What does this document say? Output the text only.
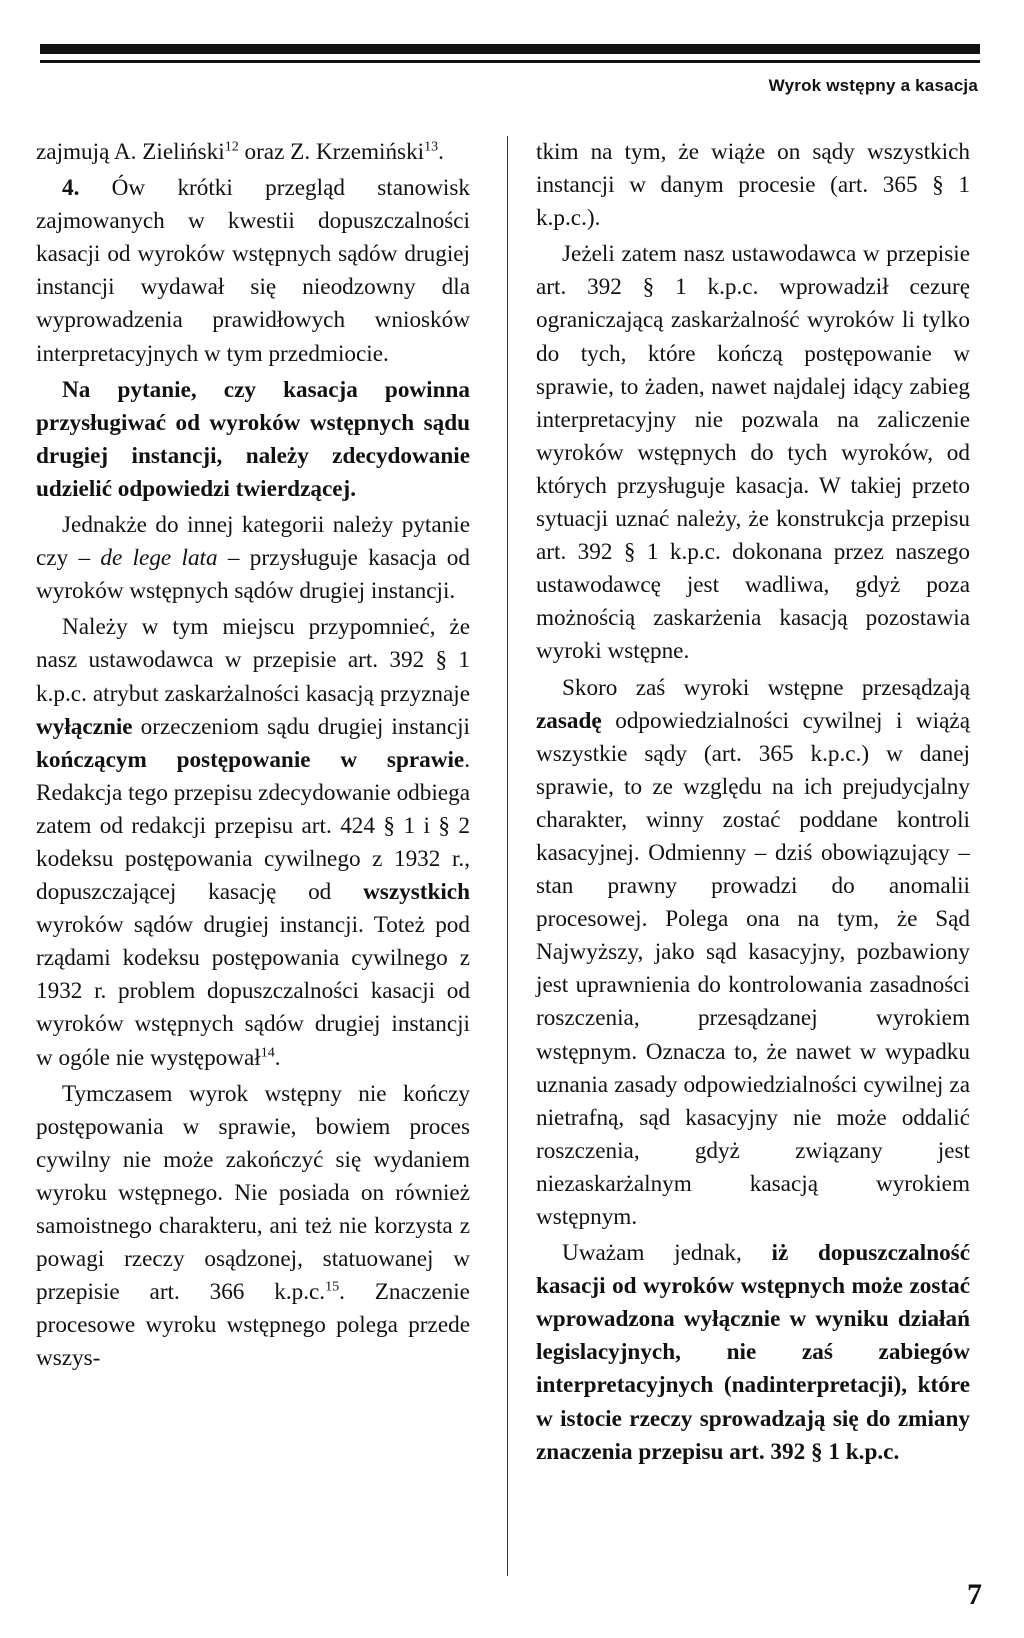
Wyrok wstępny a kasacja

zajmują A. Zieliński$^{12}$ oraz Z. Krzemiński$^{13}$.

4. Ów krótki przegląd stanowisk zajmowanych w kwestii dopuszczalności kasacji od wyroków wstępnych sądów drugiej instancji wydawał się nieodzowny dla wyprowadzenia prawidłowych wniosków interpretacyjnych w tym przedmiocie.

Na pytanie, czy kasacja powinna przysługiwać od wyroków wstępnych sądu drugiej instancji, należy zdecydowanie udzielić odpowiedzi twierdzącej.

Jednakże do innej kategorii należy pytanie czy – de lege lata – przysługuje kasacja od wyroków wstępnych sądów drugiej instancji.

Należy w tym miejscu przypomnieć, że nasz ustawodawca w przepisie art. 392 § 1 k.p.c. atrybut zaskarżalności kasacją przyznaje wyłącznie orzeczeniom sądu drugiej instancji kończącym postępowanie w sprawie. Redakcja tego przepisu zdecydowanie odbiega zatem od redakcji przepisu art. 424 § 1 i § 2 kodeksu postępowania cywilnego z 1932 r., dopuszczającej kasację od wszystkich wyroków sądów drugiej instancji. Toteż pod rządami kodeksu postępowania cywilnego z 1932 r. problem dopuszczalności kasacji od wyroków wstępnych sądów drugiej instancji w ogóle nie występował$^{14}$.

Tymczasem wyrok wstępny nie kończy postępowania w sprawie, bowiem proces cywilny nie może zakończyć się wydaniem wyroku wstępnego. Nie posiada on również samoistnego charakteru, ani też nie korzysta z powagi rzeczy osądzonej, statuowanej w przepisie art. 366 k.p.c.$^{15}$. Znaczenie procesowe wyroku wstępnego polega przede wszys-

tkim na tym, że wiąże on sądy wszystkich instancji w danym procesie (art. 365 § 1 k.p.c.).

Jeżeli zatem nasz ustawodawca w przepisie art. 392 § 1 k.p.c. wprowadził cezurę ograniczającą zaskarżalność wyroków li tylko do tych, które kończą postępowanie w sprawie, to żaden, nawet najdalej idący zabieg interpretacyjny nie pozwala na zaliczenie wyroków wstępnych do tych wyroków, od których przysługuje kasacja. W takiej przeto sytuacji uznać należy, że konstrukcja przepisu art. 392 § 1 k.p.c. dokonana przez naszego ustawodawcę jest wadliwa, gdyż poza możnością zaskarżenia kasacją pozostawia wyroki wstępne.

Skoro zaś wyroki wstępne przesądzają zasadę odpowiedzialności cywilnej i wiążą wszystkie sądy (art. 365 k.p.c.) w danej sprawie, to ze względu na ich prejudycjalny charakter, winny zostać poddane kontroli kasacyjnej. Odmienny – dziś obowiązujący – stan prawny prowadzi do anomalii procesowej. Polega ona na tym, że Sąd Najwyższy, jako sąd kasacyjny, pozbawiony jest uprawnienia do kontrolowania zasadności roszczenia, przesądzanej wyrokiem wstępnym. Oznacza to, że nawet w wypadku uznania zasady odpowiedzialności cywilnej za nietrafną, sąd kasacyjny nie może oddalić roszczenia, gdyż związany jest niezaskarżalnym kasacją wyrokiem wstępnym.

Uważam jednak, iż dopuszczalność kasacji od wyroków wstępnych może zostać wprowadzona wyłącznie w wyniku działań legislacyjnych, nie zaś zabiegów interpretacyjnych (nadinterpretacji), które w istocie rzeczy sprowadzają się do zmiany znaczenia przepisu art. 392 § 1 k.p.c.

7
